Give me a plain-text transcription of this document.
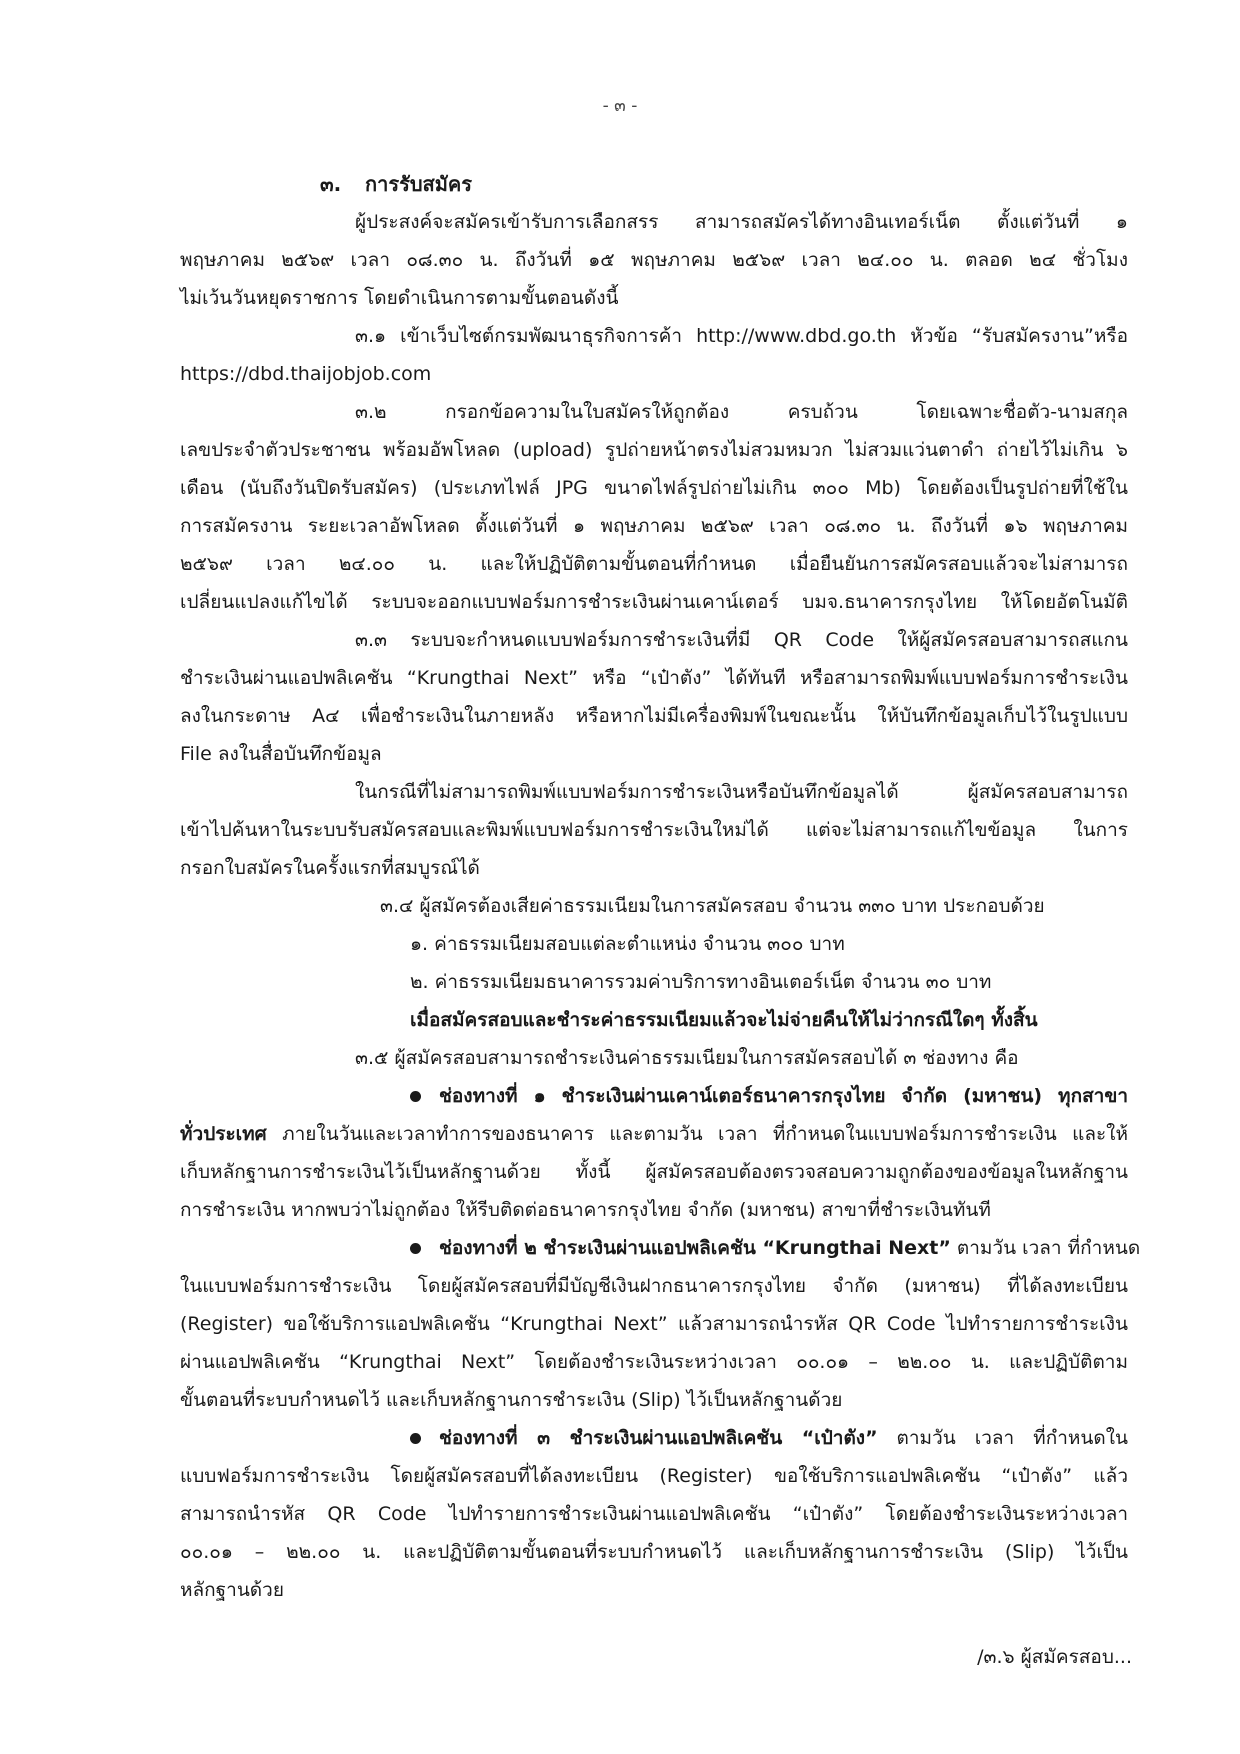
- ๓ -
๓. การรับสมัคร
ผู้ประสงค์จะสมัครเข้ารับการเลือกสรร สามารถสมัครได้ทางอินเทอร์เน็ต ตั้งแต่วันที่ ๑
พฤษภาคม ๒๕๖๙ เวลา ๐๘.๓๐ น. ถึงวันที่ ๑๕ พฤษภาคม ๒๕๖๙ เวลา ๒๔.๐๐ น. ตลอด ๒๔ ชั่วโมง
ไม่เว้นวันหยุดราชการ โดยดำเนินการตามขั้นตอนดังนี้
๓.๑ เข้าเว็บไซต์กรมพัฒนาธุรกิจการค้า http://www.dbd.go.th หัวข้อ “รับสมัครงาน”หรือ
https://dbd.thaijobjob.com
๓.๒ กรอกข้อความในใบสมัครให้ถูกต้อง ครบถ้วน โดยเฉพาะชื่อตัว-นามสกุล
เลขประจำตัวประชาชน พร้อมอัพโหลด (upload) รูปถ่ายหน้าตรงไม่สวมหมวก ไม่สวมแว่นตาดำ ถ่ายไว้ไม่เกิน ๖
เดือน (นับถึงวันปิดรับสมัคร) (ประเภทไฟล์ JPG ขนาดไฟล์รูปถ่ายไม่เกิน ๓๐๐ Mb) โดยต้องเป็นรูปถ่ายที่ใช้ใน
การสมัครงาน ระยะเวลาอัพโหลด ตั้งแต่วันที่ ๑ พฤษภาคม ๒๕๖๙ เวลา ๐๘.๓๐ น. ถึงวันที่ ๑๖ พฤษภาคม
๒๕๖๙ เวลา ๒๔.๐๐ น. และให้ปฏิบัติตามขั้นตอนที่กำหนด เมื่อยืนยันการสมัครสอบแล้วจะไม่สามารถ
เปลี่ยนแปลงแก้ไขได้ ระบบจะออกแบบฟอร์มการชำระเงินผ่านเคาน์เตอร์ บมจ.ธนาคารกรุงไทย ให้โดยอัตโนมัติ
๓.๓ ระบบจะกำหนดแบบฟอร์มการชำระเงินที่มี QR Code ให้ผู้สมัครสอบสามารถสแกน
ชำระเงินผ่านแอปพลิเคชัน “Krungthai Next” หรือ “เป๋าตัง” ได้ทันที หรือสามารถพิมพ์แบบฟอร์มการชำระเงิน
ลงในกระดาษ A๔ เพื่อชำระเงินในภายหลัง หรือหากไม่มีเครื่องพิมพ์ในขณะนั้น ให้บันทึกข้อมูลเก็บไว้ในรูปแบบ
File ลงในสื่อบันทึกข้อมูล
ในกรณีที่ไม่สามารถพิมพ์แบบฟอร์มการชำระเงินหรือบันทึกข้อมูลได้ ผู้สมัครสอบสามารถ
เข้าไปค้นหาในระบบรับสมัครสอบและพิมพ์แบบฟอร์มการชำระเงินใหม่ได้ แต่จะไม่สามารถแก้ไขข้อมูล ในการ
กรอกใบสมัครในครั้งแรกที่สมบูรณ์ได้
๓.๔ ผู้สมัครต้องเสียค่าธรรมเนียมในการสมัครสอบ จำนวน ๓๓๐ บาท ประกอบด้วย
๑. ค่าธรรมเนียมสอบแต่ละตำแหน่ง จำนวน ๓๐๐ บาท
๒. ค่าธรรมเนียมธนาคารรวมค่าบริการทางอินเตอร์เน็ต จำนวน ๓๐ บาท
เมื่อสมัครสอบและชำระค่าธรรมเนียมแล้วจะไม่จ่ายคืนให้ไม่ว่ากรณีใดๆ ทั้งสิ้น
๓.๕ ผู้สมัครสอบสามารถชำระเงินค่าธรรมเนียมในการสมัครสอบได้ ๓ ช่องทาง คือ
ช่องทางที่ ๑ ชำระเงินผ่านเคาน์เตอร์ธนาคารกรุงไทย จำกัด (มหาชน) ทุกสาขา
ทั่วประเทศ ภายในวันและเวลาทำการของธนาคาร และตามวัน เวลา ที่กำหนดในแบบฟอร์มการชำระเงิน และให้
เก็บหลักฐานการชำระเงินไว้เป็นหลักฐานด้วย ทั้งนี้ ผู้สมัครสอบต้องตรวจสอบความถูกต้องของข้อมูลในหลักฐาน
การชำระเงิน หากพบว่าไม่ถูกต้อง ให้รีบติดต่อธนาคารกรุงไทย จำกัด (มหาชน) สาขาที่ชำระเงินทันที
ช่องทางที่ ๒ ชำระเงินผ่านแอปพลิเคชัน “Krungthai Next” ตามวัน เวลา ที่กำหนด
ในแบบฟอร์มการชำระเงิน โดยผู้สมัครสอบที่มีบัญชีเงินฝากธนาคารกรุงไทย จำกัด (มหาชน) ที่ได้ลงทะเบียน
(Register) ขอใช้บริการแอปพลิเคชัน “Krungthai Next” แล้วสามารถนำรหัส QR Code ไปทำรายการชำระเงิน
ผ่านแอปพลิเคชัน “Krungthai Next” โดยต้องชำระเงินระหว่างเวลา ๐๐.๐๑ – ๒๒.๐๐ น. และปฏิบัติตาม
ขั้นตอนที่ระบบกำหนดไว้ และเก็บหลักฐานการชำระเงิน (Slip) ไว้เป็นหลักฐานด้วย
ช่องทางที่ ๓ ชำระเงินผ่านแอปพลิเคชัน “เป๋าตัง” ตามวัน เวลา ที่กำหนดใน
แบบฟอร์มการชำระเงิน โดยผู้สมัครสอบที่ได้ลงทะเบียน (Register) ขอใช้บริการแอปพลิเคชัน “เป๋าตัง” แล้ว
สามารถนำรหัส QR Code ไปทำรายการชำระเงินผ่านแอปพลิเคชัน “เป๋าตัง” โดยต้องชำระเงินระหว่างเวลา
๐๐.๐๑ – ๒๒.๐๐ น. และปฏิบัติตามขั้นตอนที่ระบบกำหนดไว้ และเก็บหลักฐานการชำระเงิน (Slip) ไว้เป็น
หลักฐานด้วย
/๓.๖ ผู้สมัครสอบ...
